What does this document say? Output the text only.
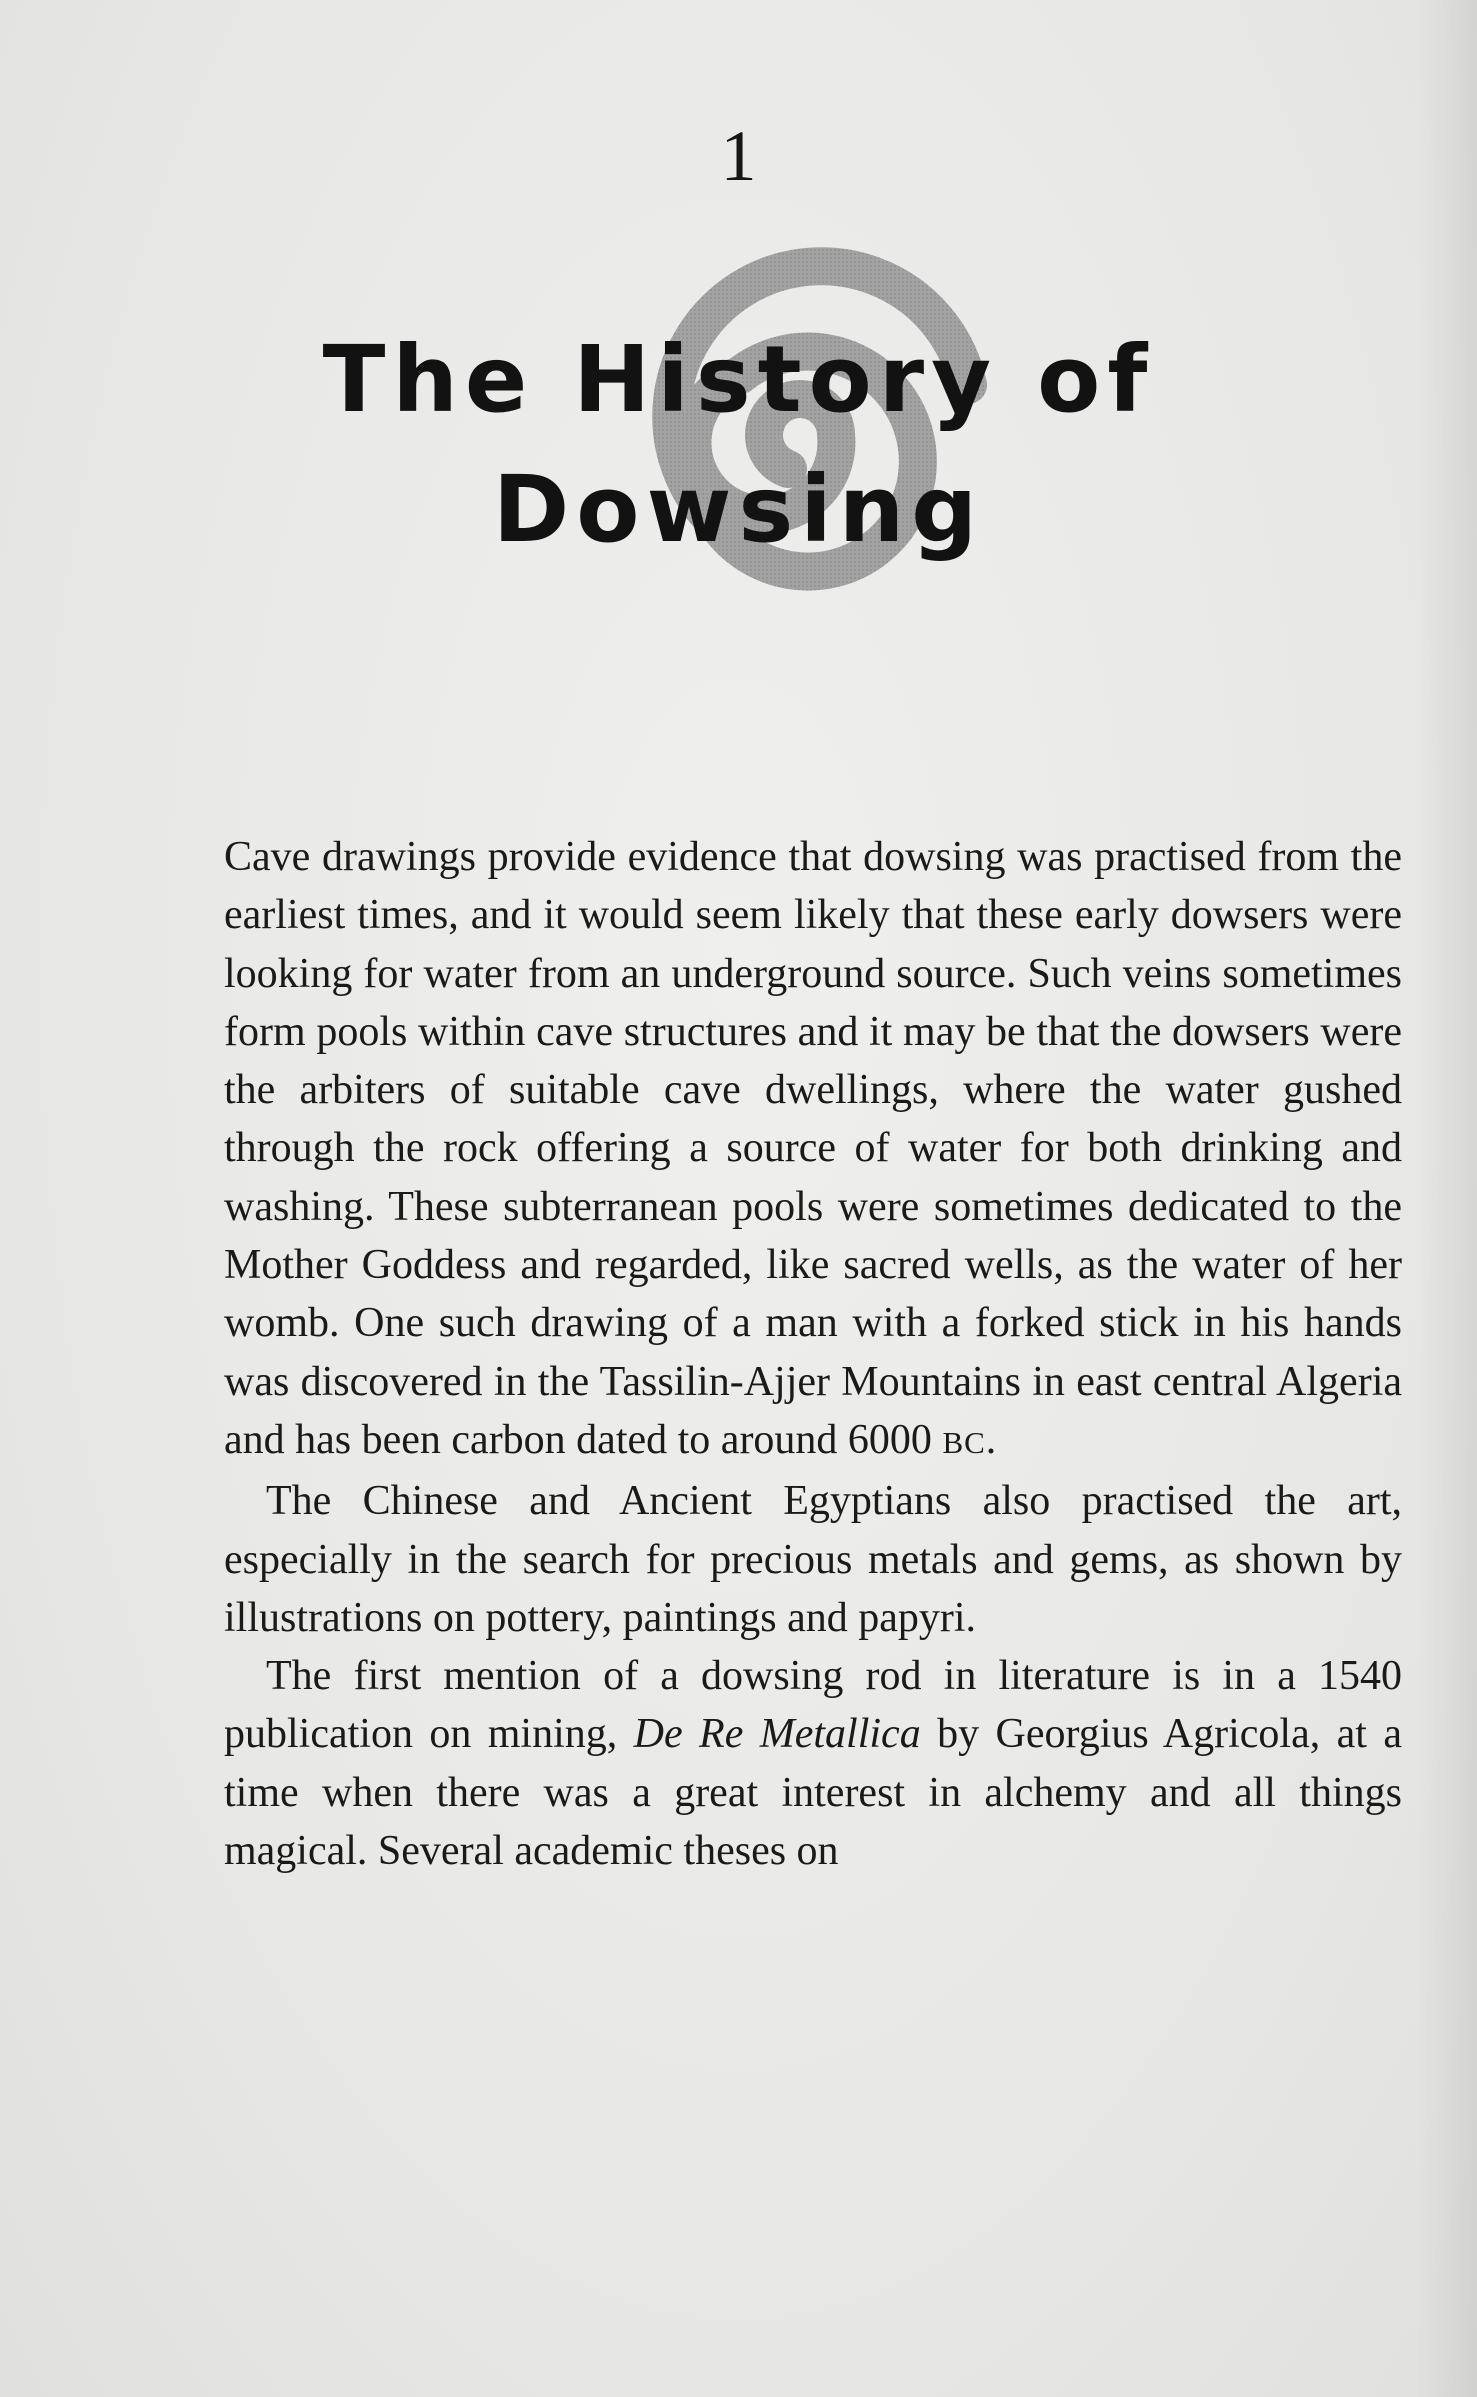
1
The History of
Dowsing

Cave drawings provide evidence that dowsing was practised from the earliest times, and it would seem likely that these early dowsers were looking for water from an underground source. Such veins sometimes form pools within cave structures and it may be that the dowsers were the arbiters of suitable cave dwellings, where the water gushed through the rock offering a source of water for both drinking and washing. These subterranean pools were sometimes dedicated to the Mother Goddess and regarded, like sacred wells, as the water of her womb. One such drawing of a man with a forked stick in his hands was discovered in the Tassilin-Ajjer Mountains in east central Algeria and has been carbon dated to around 6000 BC.

The Chinese and Ancient Egyptians also practised the art, especially in the search for precious metals and gems, as shown by illustrations on pottery, paintings and papyri.

The first mention of a dowsing rod in literature is in a 1540 publication on mining, De Re Metallica by Georgius Agricola, at a time when there was a great interest in alchemy and all things magical. Several academic theses on
